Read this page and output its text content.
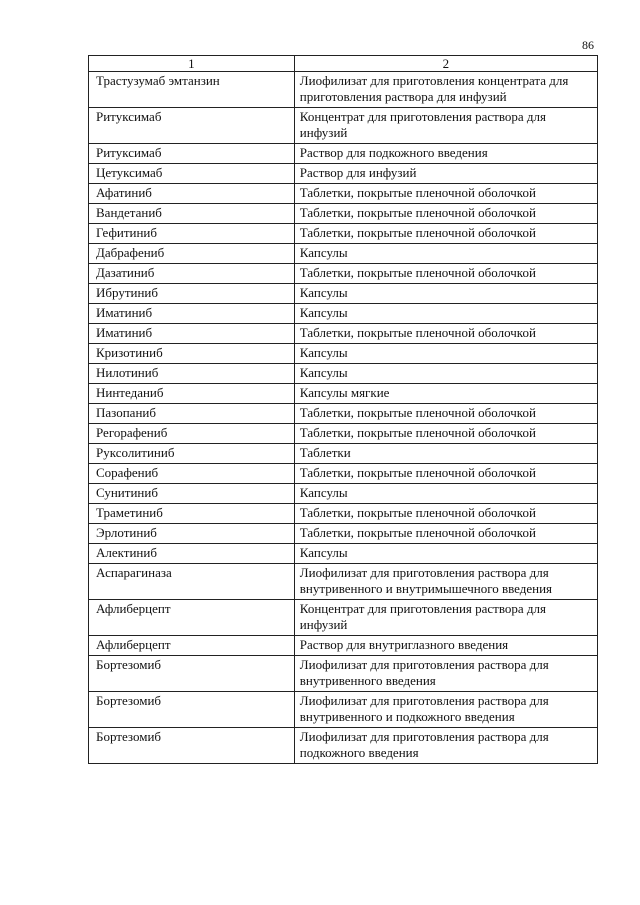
86
1	2
Трастузумаб эмтанзин	Лиофилизат для приготовления концентрата для приготовления раствора для инфузий
Ритуксимаб	Концентрат для приготовления раствора для инфузий
Ритуксимаб	Раствор для подкожного введения
Цетуксимаб	Раствор для инфузий
Афатиниб	Таблетки, покрытые пленочной оболочкой
Вандетаниб	Таблетки, покрытые пленочной оболочкой
Гефитиниб	Таблетки, покрытые пленочной оболочкой
Дабрафениб	Капсулы
Дазатиниб	Таблетки, покрытые пленочной оболочкой
Ибрутиниб	Капсулы
Иматиниб	Капсулы
Иматиниб	Таблетки, покрытые пленочной оболочкой
Кризотиниб	Капсулы
Нилотиниб	Капсулы
Нинтеданиб	Капсулы мягкие
Пазопаниб	Таблетки, покрытые пленочной оболочкой
Регорафениб	Таблетки, покрытые пленочной оболочкой
Руксолитиниб	Таблетки
Сорафениб	Таблетки, покрытые пленочной оболочкой
Сунитиниб	Капсулы
Траметиниб	Таблетки, покрытые пленочной оболочкой
Эрлотиниб	Таблетки, покрытые пленочной оболочкой
Алектиниб	Капсулы
Аспарагиназа	Лиофилизат для приготовления раствора для внутривенного и внутримышечного введения
Афлиберцепт	Концентрат для приготовления раствора для инфузий
Афлиберцепт	Раствор для внутриглазного введения
Бортезомиб	Лиофилизат для приготовления раствора для внутривенного введения
Бортезомиб	Лиофилизат для приготовления раствора для внутривенного и подкожного введения
Бортезомиб	Лиофилизат для приготовления раствора для подкожного введения
